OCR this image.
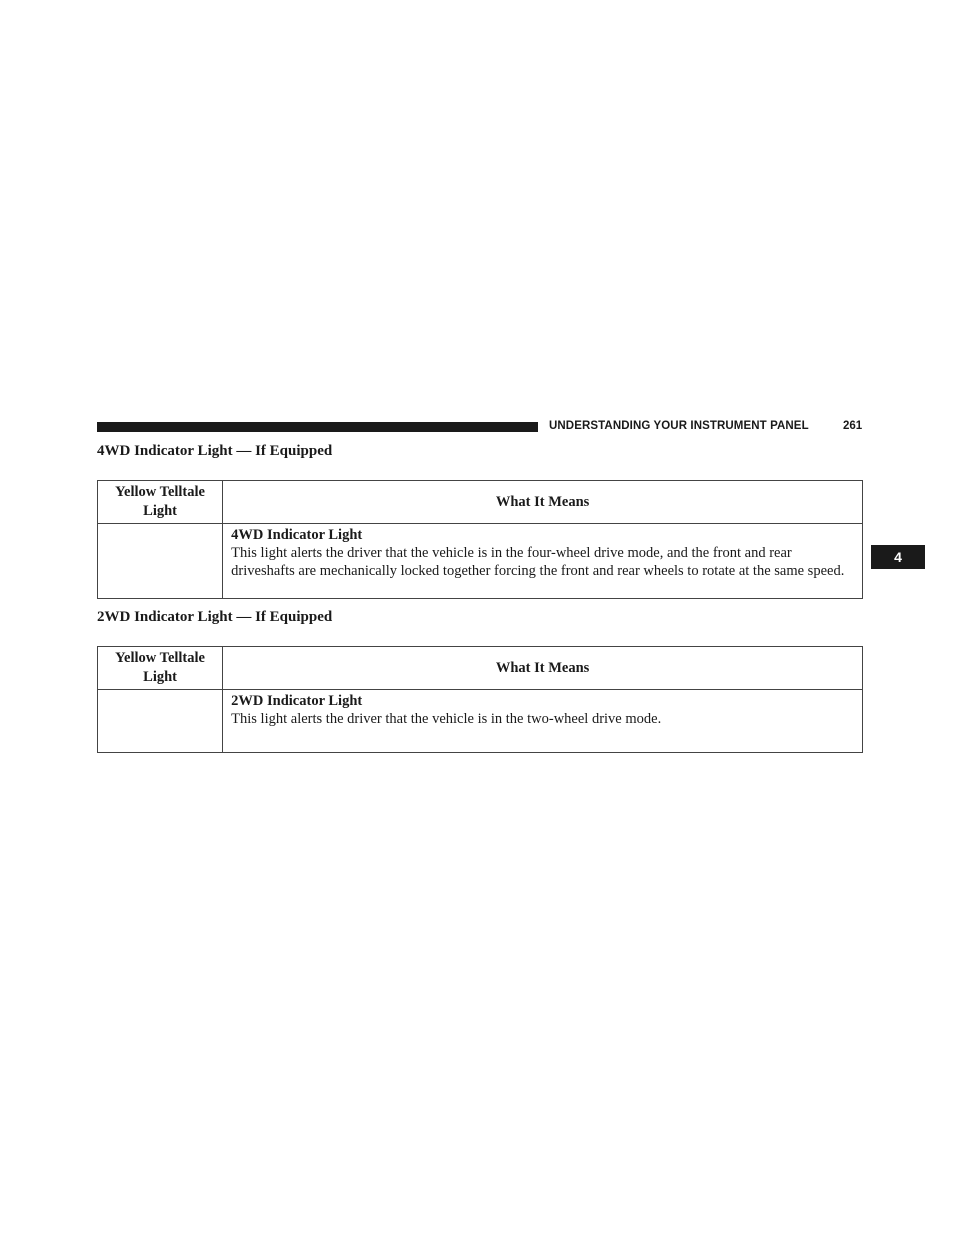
UNDERSTANDING YOUR INSTRUMENT PANEL	261
4
4WD Indicator Light — If Equipped
Yellow Telltale Light	What It Means

	4WD Indicator Light
This light alerts the driver that the vehicle is in the four-wheel drive mode, and the front and rear driveshafts are mechanically locked together forcing the front and rear wheels to rotate at the same speed.
2WD Indicator Light — If Equipped
Yellow Telltale Light	What It Means

	2WD Indicator Light
This light alerts the driver that the vehicle is in the two-wheel drive mode.
